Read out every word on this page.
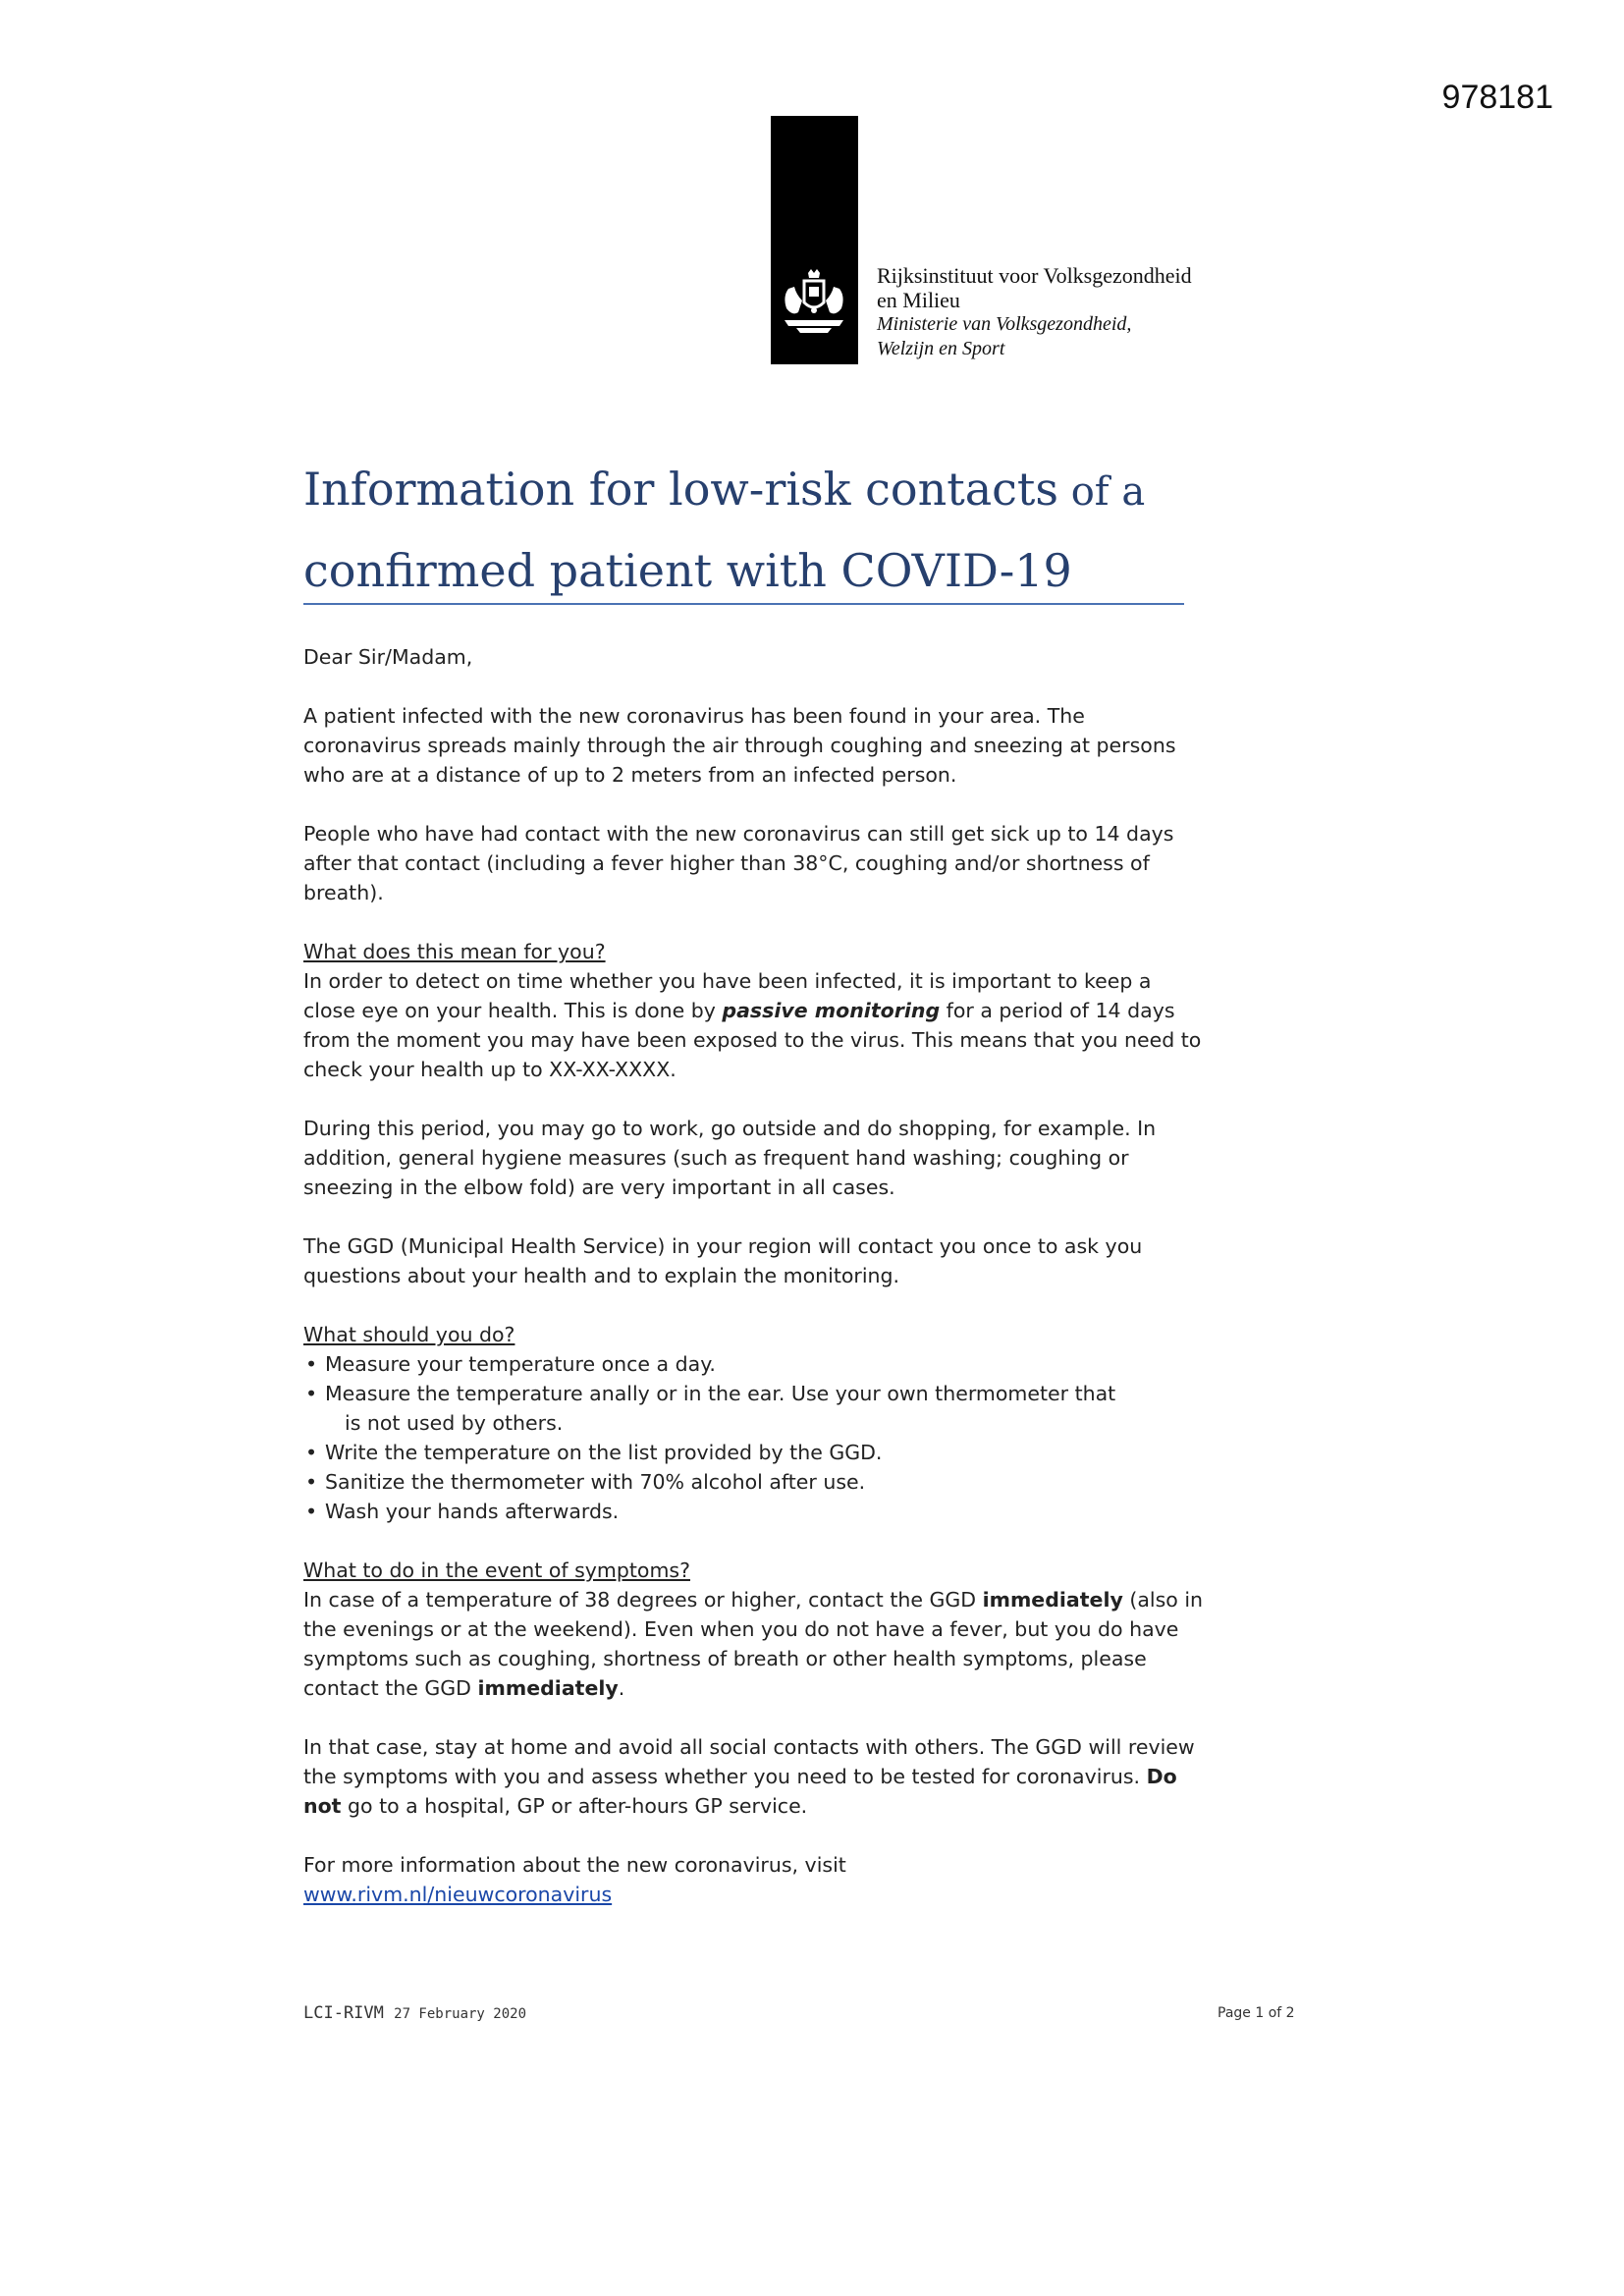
978181
Rijksinstituut voor Volksgezondheid
en Milieu
Ministerie van Volksgezondheid,
Welzijn en Sport
Information for low-risk contacts of a
confirmed patient with COVID-19

Dear Sir/Madam,

A patient infected with the new coronavirus has been found in your area. The coronavirus spreads mainly through the air through coughing and sneezing at persons who are at a distance of up to 2 meters from an infected person.

People who have had contact with the new coronavirus can still get sick up to 14 days after that contact (including a fever higher than 38°C, coughing and/or shortness of breath).

What does this mean for you?
In order to detect on time whether you have been infected, it is important to keep a close eye on your health. This is done by passive monitoring for a period of 14 days from the moment you may have been exposed to the virus. This means that you need to check your health up to XX-XX-XXXX.

During this period, you may go to work, go outside and do shopping, for example. In addition, general hygiene measures (such as frequent hand washing; coughing or sneezing in the elbow fold) are very important in all cases.

The GGD (Municipal Health Service) in your region will contact you once to ask you questions about your health and to explain the monitoring.

What should you do?
• Measure your temperature once a day.
• Measure the temperature anally or in the ear. Use your own thermometer that
is not used by others.
• Write the temperature on the list provided by the GGD.
• Sanitize the thermometer with 70% alcohol after use.
• Wash your hands afterwards.

What to do in the event of symptoms?
In case of a temperature of 38 degrees or higher, contact the GGD immediately (also in the evenings or at the weekend). Even when you do not have a fever, but you do have symptoms such as coughing, shortness of breath or other health symptoms, please contact the GGD immediately.

In that case, stay at home and avoid all social contacts with others. The GGD will review the symptoms with you and assess whether you need to be tested for coronavirus. Do not go to a hospital, GP or after-hours GP service.

For more information about the new coronavirus, visit
www.rivm.nl/nieuwcoronavirus

LCI-RIVM 27 February 2020	Page 1 of 2
